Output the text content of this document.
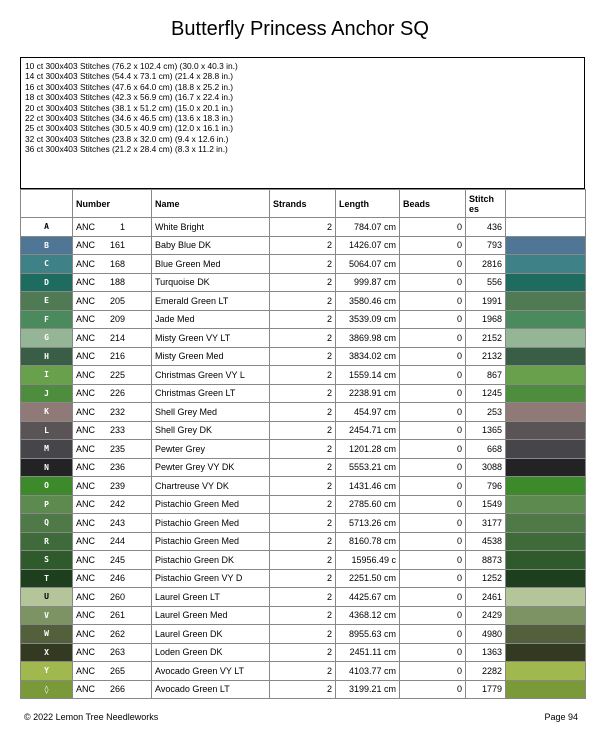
Butterfly Princess Anchor SQ
10 ct 300x403 Stitches (76.2 x 102.4 cm) (30.0 x 40.3 in.)
14 ct 300x403 Stitches (54.4 x 73.1 cm) (21.4 x 28.8 in.)
16 ct 300x403 Stitches (47.6 x 64.0 cm) (18.8 x 25.2 in.)
18 ct 300x403 Stitches (42.3 x 56.9 cm) (16.7 x 22.4 in.)
20 ct 300x403 Stitches (38.1 x 51.2 cm) (15.0 x 20.1 in.)
22 ct 300x403 Stitches (34.6 x 46.5 cm) (13.6 x 18.3 in.)
25 ct 300x403 Stitches (30.5 x 40.9 cm) (12.0 x 16.1 in.)
32 ct 300x403 Stitches (23.8 x 32.0 cm) (9.4 x 12.6 in.)
36 ct 300x403 Stitches (21.2 x 28.4 cm) (8.3 x 11.2 in.)
	Number	Name	Strands	Length	Beads	Stitch es	
A	ANC 1	White Bright	2	784.07 cm	0	436	
B	ANC 161	Baby Blue DK	2	1426.07 cm	0	793	
C	ANC 168	Blue Green Med	2	5064.07 cm	0	2816	
D	ANC 188	Turquoise DK	2	999.87 cm	0	556	
E	ANC 205	Emerald Green LT	2	3580.46 cm	0	1991	
F	ANC 209	Jade Med	2	3539.09 cm	0	1968	
G	ANC 214	Misty Green VY LT	2	3869.98 cm	0	2152	
H	ANC 216	Misty Green Med	2	3834.02 cm	0	2132	
I	ANC 225	Christmas Green VY L	2	1559.14 cm	0	867	
J	ANC 226	Christmas Green LT	2	2238.91 cm	0	1245	
K	ANC 232	Shell Grey Med	2	454.97 cm	0	253	
L	ANC 233	Shell Grey DK	2	2454.71 cm	0	1365	
M	ANC 235	Pewter Grey	2	1201.28 cm	0	668	
N	ANC 236	Pewter Grey VY DK	2	5553.21 cm	0	3088	
O	ANC 239	Chartreuse VY DK	2	1431.46 cm	0	796	
P	ANC 242	Pistachio Green Med	2	2785.60 cm	0	1549	
Q	ANC 243	Pistachio Green Med	2	5713.26 cm	0	3177	
R	ANC 244	Pistachio Green Med	2	8160.78 cm	0	4538	
S	ANC 245	Pistachio Green DK	2	15956.49 c	0	8873	
T	ANC 246	Pistachio Green VY D	2	2251.50 cm	0	1252	
U	ANC 260	Laurel Green LT	2	4425.67 cm	0	2461	
V	ANC 261	Laurel Green Med	2	4368.12 cm	0	2429	
W	ANC 262	Laurel Green DK	2	8955.63 cm	0	4980	
X	ANC 263	Loden Green DK	2	2451.11 cm	0	1363	
Y	ANC 265	Avocado Green VY LT	2	4103.77 cm	0	2282	
◊	ANC 266	Avocado Green LT	2	3199.21 cm	0	1779	
© 2022 Lemon Tree Needleworks	Page 94
